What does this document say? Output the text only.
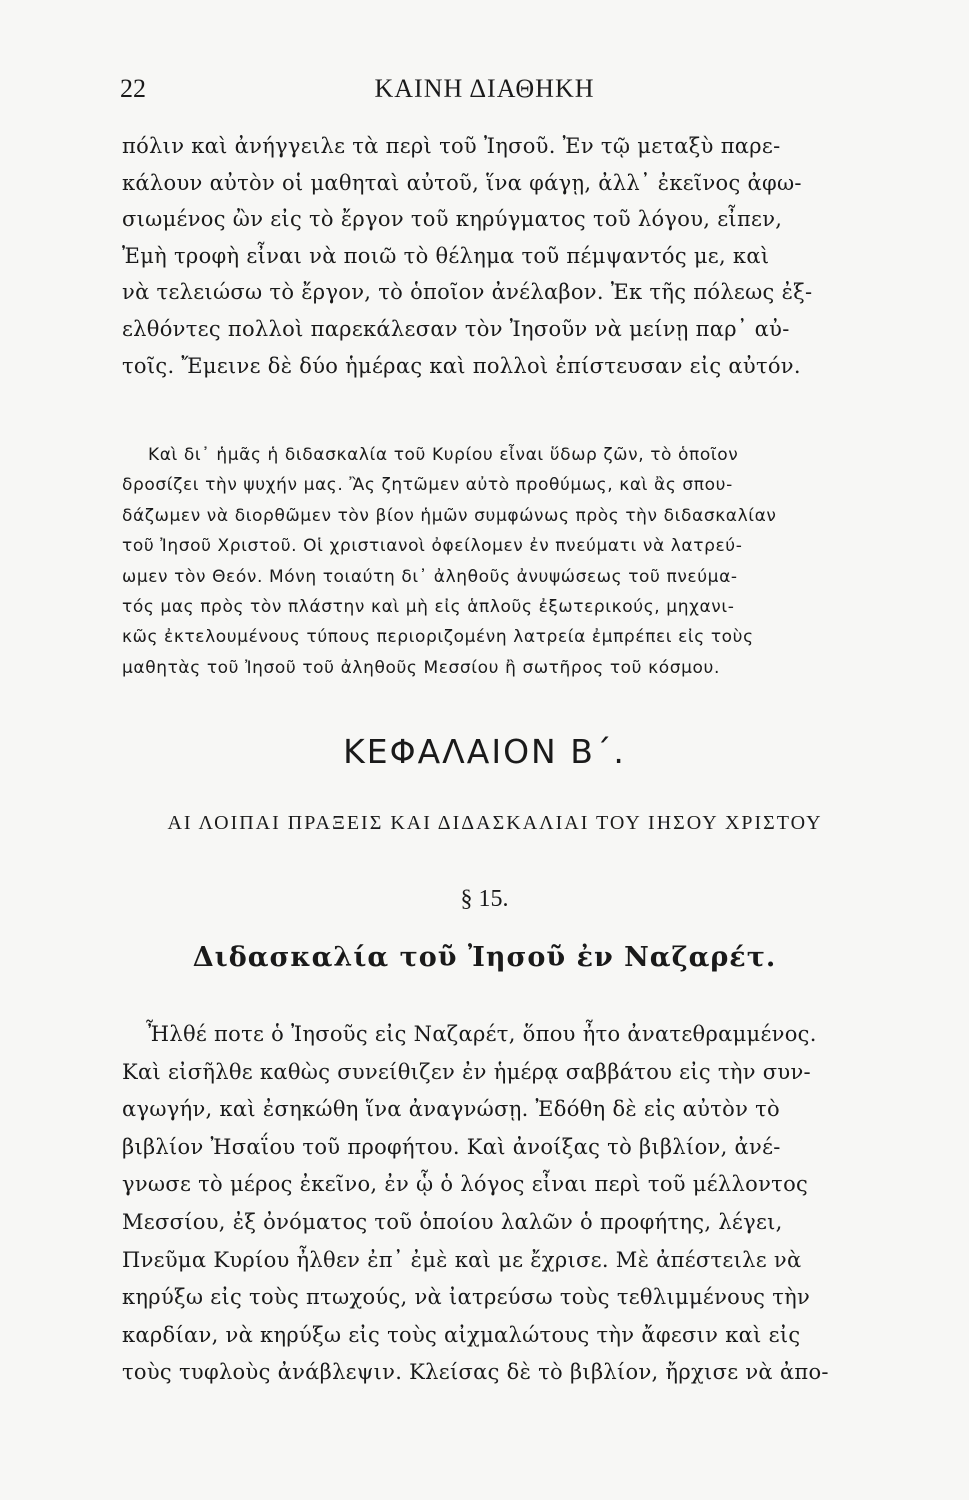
22	ΚΑΙΝΗ ΔΙΑΘΗΚΗ
πόλιν καὶ ἀνήγγειλε τὰ περὶ τοῦ Ἰησοῦ. Ἐν τῷ μεταξὺ παρε-
κάλουν αὐτὸν οἱ μαθηταὶ αὐτοῦ, ἵνα φάγῃ, ἀλλ᾽ ἐκεῖνος ἀφω-
σιωμένος ὢν εἰς τὸ ἔργον τοῦ κηρύγματος τοῦ λόγου, εἶπεν,
Ἐμὴ τροφὴ εἶναι νὰ ποιῶ τὸ θέλημα τοῦ πέμψαντός με, καὶ
νὰ τελειώσω τὸ ἔργον, τὸ ὁποῖον ἀνέλαβον. Ἐκ τῆς πόλεως ἐξ-
ελθόντες πολλοὶ παρεκάλεσαν τὸν Ἰησοῦν νὰ μείνῃ παρ᾽ αὐ-
τοῖς. Ἔμεινε δὲ δύο ἡμέρας καὶ πολλοὶ ἐπίστευσαν εἰς αὐτόν.
Καὶ δι᾽ ἡμᾶς ἡ διδασκαλία τοῦ Κυρίου εἶναι ὕδωρ ζῶν, τὸ ὁποῖον
δροσίζει τὴν ψυχήν μας. Ἂς ζητῶμεν αὐτὸ προθύμως, καὶ ἂς σπου-
δάζωμεν νὰ διορθῶμεν τὸν βίον ἡμῶν συμφώνως πρὸς τὴν διδασκαλίαν
τοῦ Ἰησοῦ Χριστοῦ. Οἱ χριστιανοὶ ὀφείλομεν ἐν πνεύματι νὰ λατρεύ-
ωμεν τὸν Θεόν. Μόνη τοιαύτη δι᾽ ἀληθοῦς ἀνυψώσεως τοῦ πνεύμα-
τός μας πρὸς τὸν πλάστην καὶ μὴ εἰς ἁπλοῦς ἐξωτερικούς, μηχανι-
κῶς ἐκτελουμένους τύπους περιοριζομένη λατρεία ἐμπρέπει εἰς τοὺς
μαθητὰς τοῦ Ἰησοῦ τοῦ ἀληθοῦς Μεσσίου ἢ σωτῆρος τοῦ κόσμου.
ΚΕΦΑΛΑΙΟΝ Β΄.
ΑΙ ΛΟΙΠΑΙ ΠΡΑΞΕΙΣ ΚΑΙ ΔΙΔΑΣΚΑΛΙΑΙ ΤΟΥ ΙΗΣΟΥ ΧΡΙΣΤΟΥ
§ 15.
Διδασκαλία τοῦ Ἰησοῦ ἐν Ναζαρέτ.
Ἦλθέ ποτε ὁ Ἰησοῦς εἰς Ναζαρέτ, ὅπου ἦτο ἀνατεθραμμένος.
Καὶ εἰσῆλθε καθὼς συνείθιζεν ἐν ἡμέρᾳ σαββάτου εἰς τὴν συν-
αγωγήν, καὶ ἐσηκώθη ἵνα ἀναγνώσῃ. Ἐδόθη δὲ εἰς αὐτὸν τὸ
βιβλίον Ἠσαΐου τοῦ προφήτου. Καὶ ἀνοίξας τὸ βιβλίον, ἀνέ-
γνωσε τὸ μέρος ἐκεῖνο, ἐν ᾧ ὁ λόγος εἶναι περὶ τοῦ μέλλοντος
Μεσσίου, ἐξ ὀνόματος τοῦ ὁποίου λαλῶν ὁ προφήτης, λέγει,
Πνεῦμα Κυρίου ἦλθεν ἐπ᾽ ἐμὲ καὶ με ἔχρισε. Μὲ ἀπέστειλε νὰ
κηρύξω εἰς τοὺς πτωχούς, νὰ ἰατρεύσω τοὺς τεθλιμμένους τὴν
καρδίαν, νὰ κηρύξω εἰς τοὺς αἰχμαλώτους τὴν ἄφεσιν καὶ εἰς
τοὺς τυφλοὺς ἀνάβλεψιν. Κλείσας δὲ τὸ βιβλίον, ἤρχισε νὰ ἀπο-
